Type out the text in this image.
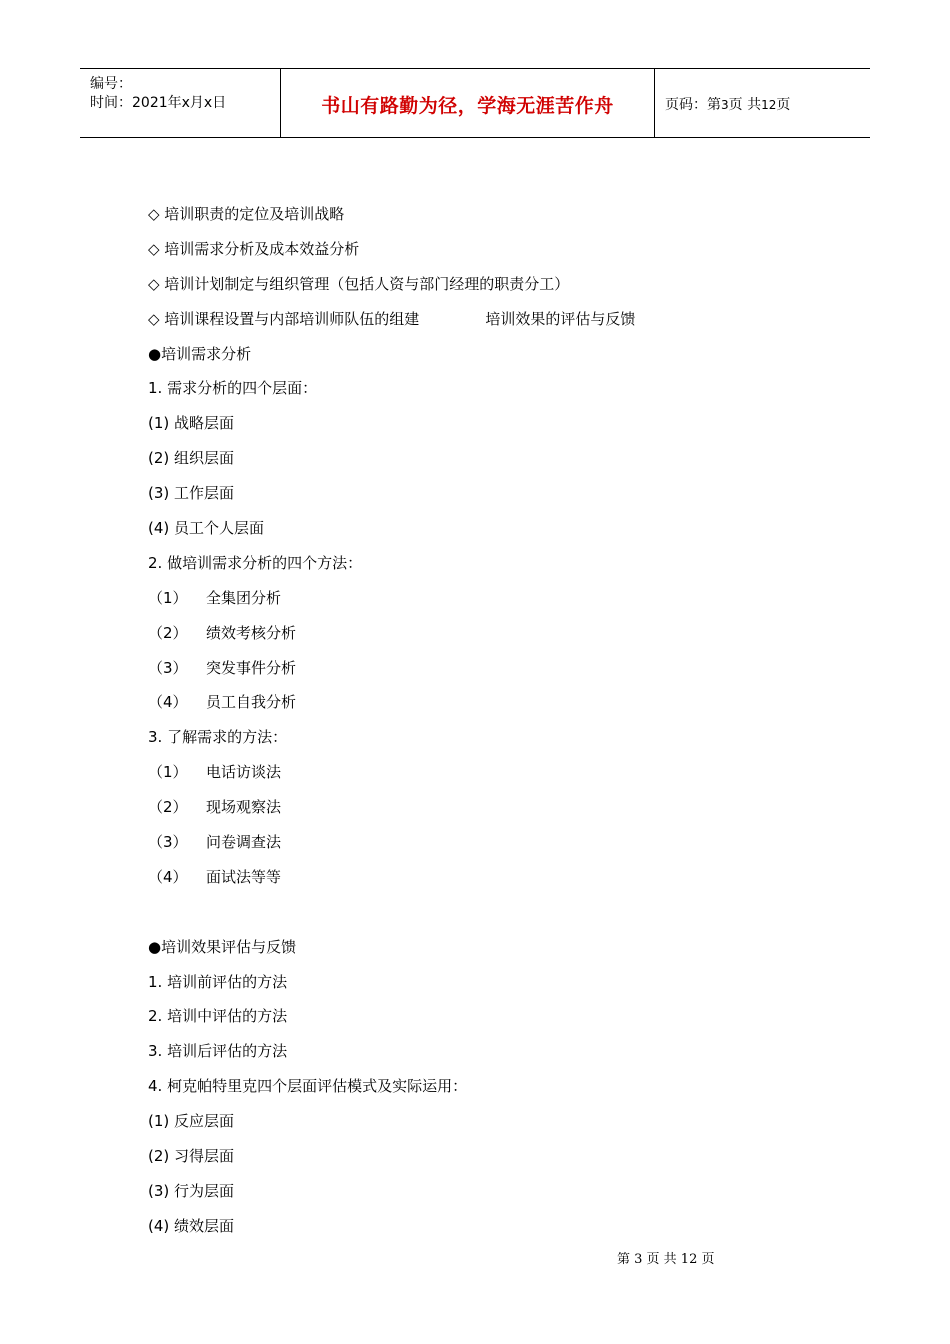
编号：
时间：2021年x月x日	书山有路勤为径，学海无涯苦作舟	页码：第3页 共12页
◇ 培训职责的定位及培训战略
◇ 培训需求分析及成本效益分析
◇ 培训计划制定与组织管理（包括人资与部门经理的职责分工）
◇ 培训课程设置与内部培训师队伍的组建	培训效果的评估与反馈
●培训需求分析
1. 需求分析的四个层面：
(1) 战略层面
(2) 组织层面
(3) 工作层面
(4) 员工个人层面
2. 做培训需求分析的四个方法：
（1） 全集团分析
（2） 绩效考核分析
（3） 突发事件分析
（4） 员工自我分析
3. 了解需求的方法：
（1） 电话访谈法
（2） 现场观察法
（3） 问卷调查法
（4） 面试法等等
●培训效果评估与反馈
1. 培训前评估的方法
2. 培训中评估的方法
3. 培训后评估的方法
4. 柯克帕特里克四个层面评估模式及实际运用：
(1) 反应层面
(2) 习得层面
(3) 行为层面
(4) 绩效层面
第 3 页 共 12 页
